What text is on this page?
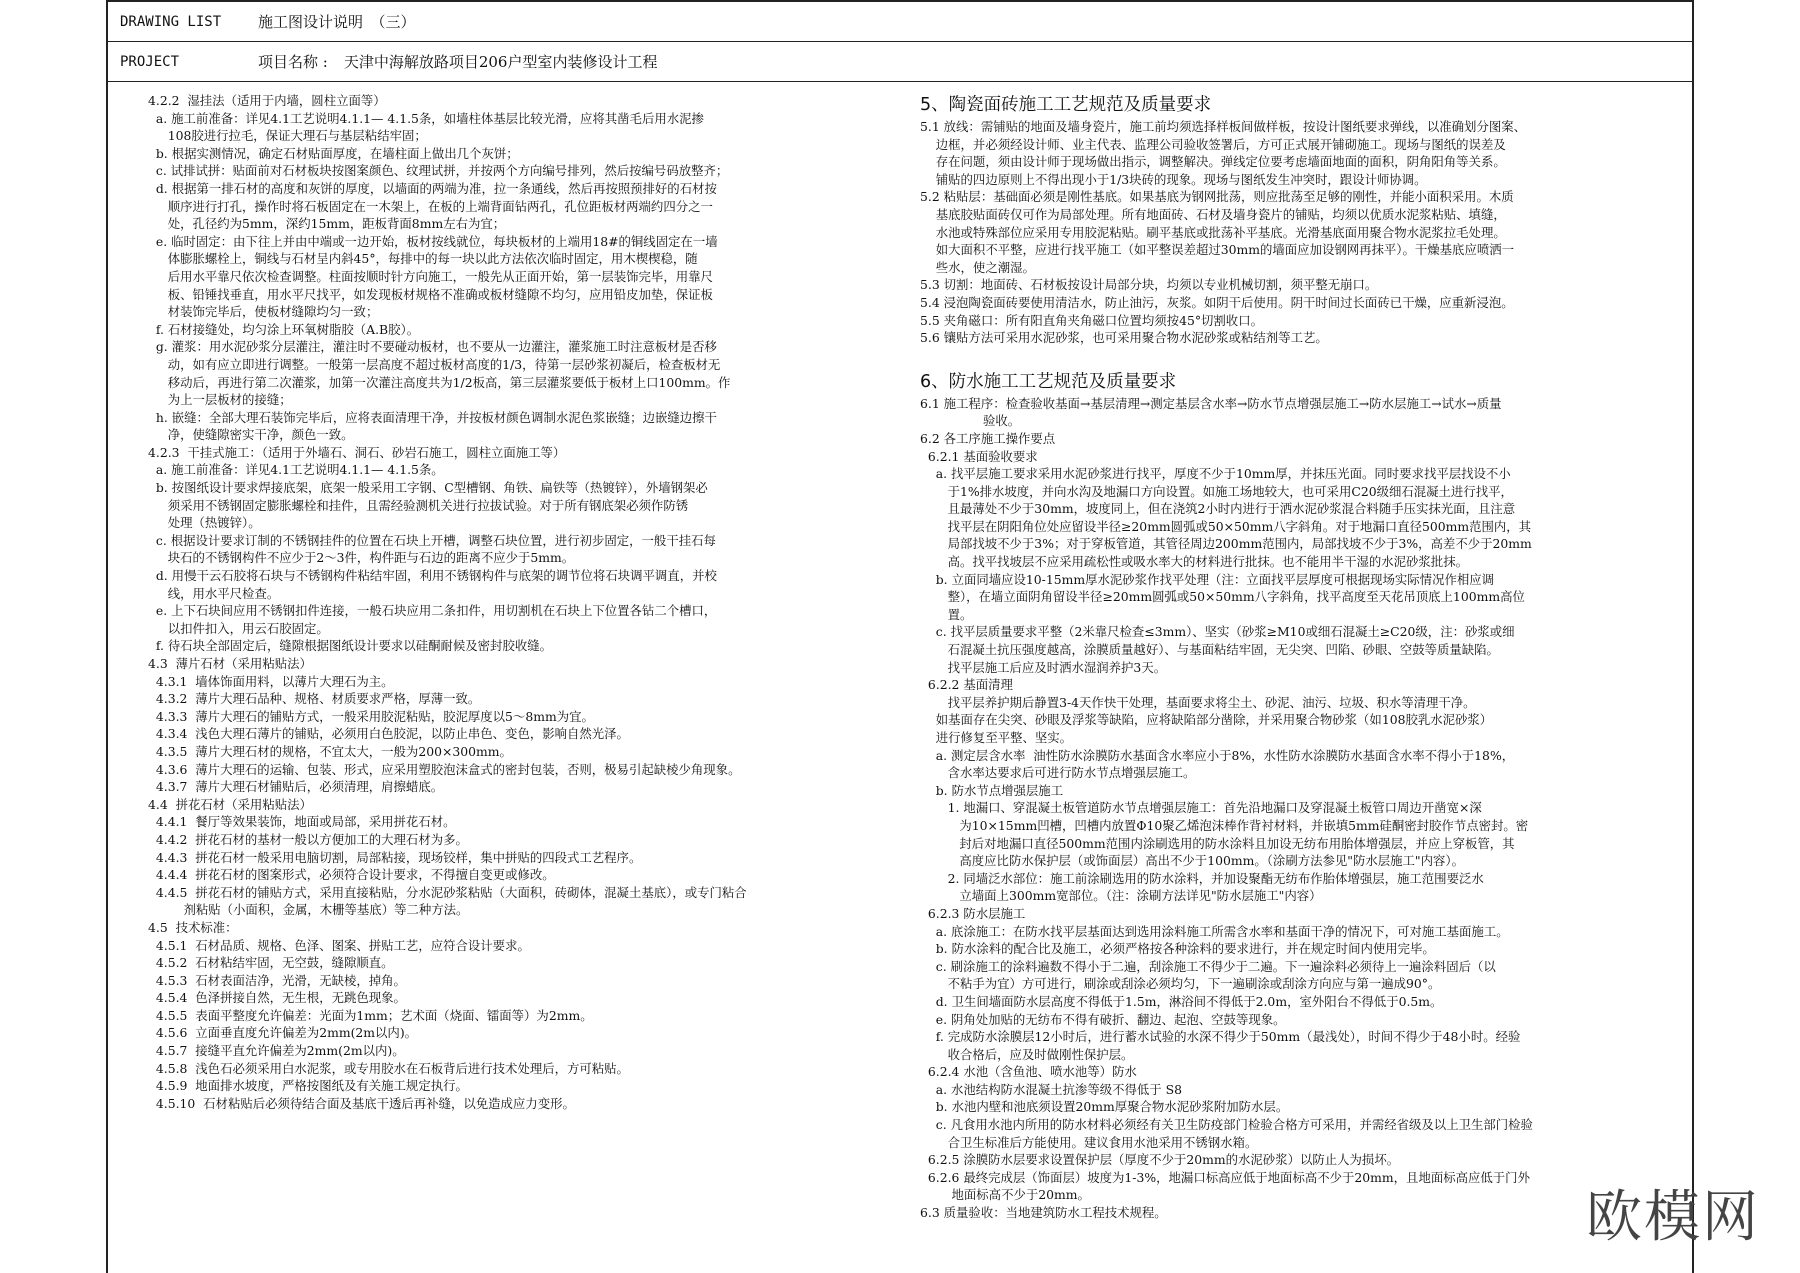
DRAWING LIST	施工图设计说明　（三）
PROJECT	项目名称 : 天津中海解放路项目206户型室内装修设计工程
4.2.2  湿挂法（适用于内墙，圆柱立面等）
a. 施工前准备：详见4.1工艺说明4.1.1— 4.1.5条，如墙柱体基层比较光滑，应将其凿毛后用水泥掺
108胶进行拉毛，保证大理石与基层粘结牢固；
b. 根据实测情况，确定石材贴面厚度，在墙柱面上做出几个灰饼；
c. 试排试拼：贴面前对石材板块按图案颜色、纹理试拼，并按两个方向编号排列，然后按编号码放整齐；
d. 根据第一排石材的高度和灰饼的厚度，以墙面的两端为准，拉一条通线，然后再按照预排好的石材按
顺序进行打孔，操作时将石板固定在一木架上，在板的上端背面钻两孔，孔位距板材两端约四分之一
处，孔径约为5mm，深约15mm，距板背面8mm左右为宜；
e. 临时固定：由下往上并由中端或一边开始，板材按线就位，每块板材的上端用18#的铜线固定在一墙
体膨胀螺栓上，铜线与石材呈内斜45°，每排中的每一块以此方法依次临时固定，用木楔楔稳，随
后用水平靠尺依次检查调整。柱面按顺时针方向施工，一般先从正面开始，第一层装饰完毕，用靠尺
板、铅锤找垂直，用水平尺找平，如发现板材规格不准确或板材缝隙不均匀，应用铅皮加垫，保证板
材装饰完毕后，使板材缝隙均匀一致；
f. 石材接缝处，均匀涂上环氧树脂胶（A.B胶）。
g. 灌浆：用水泥砂浆分层灌注，灌注时不要碰动板材，也不要从一边灌注，灌浆施工时注意板材是否移
动，如有应立即进行调整。一般第一层高度不超过板材高度的1/3，待第一层砂浆初凝后，检查板材无
移动后，再进行第二次灌浆，加第一次灌注高度共为1/2板高，第三层灌浆要低于板材上口100mm。作
为上一层板材的接缝；
h. 嵌缝：全部大理石装饰完毕后，应将表面清理干净，并按板材颜色调制水泥色浆嵌缝；边嵌缝边擦干
净，使缝隙密实干净，颜色一致。
4.2.3  干挂式施工：（适用于外墙石、洞石、砂岩石施工，圆柱立面施工等）
a. 施工前准备：详见4.1工艺说明4.1.1— 4.1.5条。
b. 按图纸设计要求焊接底架，底架一般采用工字钢、C型槽钢、角铁、扁铁等（热镀锌），外墙钢架必
须采用不锈钢固定膨胀螺栓和挂件，且需经验测机关进行拉拔试验。对于所有钢底架必须作防锈
处理（热镀锌）。
c. 根据设计要求订制的不锈钢挂件的位置在石块上开槽，调整石块位置，进行初步固定，一般干挂石每
块石的不锈钢构件不应少于2～3件，构件距与石边的距离不应少于5mm。
d. 用慢干云石胶将石块与不锈钢构件粘结牢固，利用不锈钢构件与底架的调节位将石块调平调直，并校
线，用水平尺检查。
e. 上下石块间应用不锈钢扣件连接，一般石块应用二条扣件，用切割机在石块上下位置各钻二个槽口，
以扣件扣入，用云石胶固定。
f. 待石块全部固定后，缝隙根据图纸设计要求以硅酮耐候及密封胶收缝。
4.3  薄片石材（采用粘贴法）
4.3.1  墙体饰面用料，以薄片大理石为主。
4.3.2  薄片大理石品种、规格、材质要求严格，厚薄一致。
4.3.3  薄片大理石的铺贴方式，一般采用胶泥粘贴，胶泥厚度以5～8mm为宜。
4.3.4  浅色大理石薄片的铺贴，必须用白色胶泥，以防止串色、变色，影响自然光泽。
4.3.5  薄片大理石材的规格，不宜太大，一般为200×300mm。
4.3.6  薄片大理石的运输、包装、形式，应采用塑胶泡沫盒式的密封包装，否则，极易引起缺棱少角现象。
4.3.7  薄片大理石材铺贴后，必须清理，肩擦蜡底。
4.4  拼花石材（采用粘贴法）
4.4.1  餐厅等效果装饰，地面或局部，采用拼花石材。
4.4.2  拼花石材的基材一般以方便加工的大理石材为多。
4.4.3  拼花石材一般采用电脑切割，局部粘接，现场铰样，集中拼贴的四段式工艺程序。
4.4.4  拼花石材的图案形式，必须符合设计要求，不得擅自变更或修改。
4.4.5  拼花石材的铺贴方式，采用直接粘贴，分水泥砂浆粘贴（大面积，砖砌体，混凝土基底），或专门粘合
剂粘贴（小面积，金属，木栅等基底）等二种方法。
4.5  技术标准：
4.5.1  石材品质、规格、色泽、图案、拼贴工艺，应符合设计要求。
4.5.2  石材粘结牢固，无空鼓，缝隙顺直。
4.5.3  石材表面洁净，光滑，无缺棱，掉角。
4.5.4  色泽拼接自然，无生根，无跳色现象。
4.5.5  表面平整度允许偏差：光面为1mm；艺术面（烧面、镭面等）为2mm。
4.5.6  立面垂直度允许偏差为2mm(2m以内)。
4.5.7  接缝平直允许偏差为2mm(2m以内)。
4.5.8  浅色石必须采用白水泥浆，或专用胶水在石板背后进行技术处理后，方可粘贴。
4.5.9  地面排水坡度，严格按图纸及有关施工规定执行。
4.5.10  石材粘贴后必须待结合面及基底干透后再补缝，以免造成应力变形。
5、陶瓷面砖施工工艺规范及质量要求
5.1 放线：需铺贴的地面及墙身瓷片，施工前均须选择样板间做样板，按设计图纸要求弹线，以准确划分图案、
边框，并必须经设计师、业主代表、监理公司验收签署后，方可正式展开铺砌施工。现场与图纸的误差及
存在问题，须由设计师于现场做出指示，调整解决。弹线定位要考虑墙面地面的面积，阴角阳角等关系。
铺贴的四边原则上不得出现小于1/3块砖的现象。现场与图纸发生冲突时，跟设计师协调。
5.2 粘贴层：基础面必须是刚性基底。如果基底为钢网批荡，则应批荡至足够的刚性，并能小面积采用。木质
基底胶贴面砖仅可作为局部处理。所有地面砖、石材及墙身瓷片的铺贴，均须以优质水泥浆粘贴、填缝，
水池或特殊部位应采用专用胶泥粘贴。刷平基底或批荡补平基底。光滑基底面用聚合物水泥浆拉毛处理。
如大面积不平整，应进行找平施工（如平整误差超过30mm的墙面应加设钢网再抹平）。干燥基底应喷洒一
些水，使之潮湿。
5.3 切割：地面砖、石材板按设计局部分块，均须以专业机械切割，须平整无崩口。
5.4 浸泡陶瓷面砖要使用清洁水，防止油污，灰浆。如阴干后使用。阴干时间过长面砖已干燥，应重新浸泡。
5.5 夹角磁口：所有阳直角夹角磁口位置均须按45°切割收口。
5.6 镶贴方法可采用水泥砂浆，也可采用聚合物水泥砂浆或粘结剂等工艺。
6、防水施工工艺规范及质量要求
6.1 施工程序：检查验收基面→基层清理→测定基层含水率→防水节点增强层施工→防水层施工→试水→质量
验收。
6.2 各工序施工操作要点
6.2.1 基面验收要求
a. 找平层施工要求采用水泥砂浆进行找平，厚度不少于10mm厚，并抹压光面。同时要求找平层找设不小
于1%排水坡度，并向水沟及地漏口方向设置。如施工场地较大，也可采用C20级细石混凝土进行找平，
且最薄处不少于30mm，坡度同上，但在浇筑2小时内进行于洒水泥砂浆混合料随手压实抹光面，且注意
找平层在阴阳角位处应留设半径≥20mm圆弧或50×50mm八字斜角。对于地漏口直径500mm范围内，其
局部找坡不少于3%；对于穿板管道，其管径周边200mm范围内，局部找坡不少于3%，高差不少于20mm
高。找平找坡层不应采用疏松性或吸水率大的材料进行批抹。也不能用半干湿的水泥砂浆批抹。
b. 立面同墙应设10-15mm厚水泥砂浆作找平处理（注：立面找平层厚度可根据现场实际情况作相应调
整），在墙立面阴角留设半径≥20mm圆弧或50×50mm八字斜角，找平高度至天花吊顶底上100mm高位
置。
c. 找平层质量要求平整（2米靠尺检查≤3mm）、坚实（砂浆≥M10或细石混凝土≥C20级，注：砂浆或细
石混凝土抗压强度越高，涂膜质量越好）、与基面粘结牢固，无尖突、凹陷、砂眼、空鼓等质量缺陷。
找平层施工后应及时洒水湿润养护3天。
6.2.2 基面清理
找平层养护期后静置3-4天作快干处理，基面要求将尘土、砂泥、油污、垃圾、积水等清理干净。
如基面存在尖突、砂眼及浮浆等缺陷，应将缺陷部分凿除，并采用聚合物砂浆（如108胶乳水泥砂浆）
进行修复至平整、坚实。
a. 测定层含水率  油性防水涂膜防水基面含水率应小于8%，水性防水涂膜防水基面含水率不得小于18%，
含水率达要求后可进行防水节点增强层施工。
b. 防水节点增强层施工
1. 地漏口、穿混凝土板管道防水节点增强层施工：首先沿地漏口及穿混凝土板管口周边开凿宽×深
为10×15mm凹槽，凹槽内放置Φ10聚乙烯泡沫棒作背衬材料，并嵌填5mm硅酮密封胶作节点密封。密
封后对地漏口直径500mm范围内涂刷选用的防水涂料且加设无纺布用胎体增强层，并应上穿板管，其
高度应比防水保护层（或饰面层）高出不少于100mm。（涂刷方法参见"防水层施工"内容）。
2. 同墙泛水部位：施工前涂刷选用的防水涂料，并加设聚酯无纺布作胎体增强层，施工范围要泛水
立墙面上300mm宽部位。（注：涂刷方法详见"防水层施工"内容）
6.2.3 防水层施工
a. 底涂施工：在防水找平层基面达到选用涂料施工所需含水率和基面干净的情况下，可对施工基面施工。
b. 防水涂料的配合比及施工，必须严格按各种涂料的要求进行，并在规定时间内使用完毕。
c. 刷涂施工的涂料遍数不得小于二遍，刮涂施工不得少于二遍。下一遍涂料必须待上一遍涂料固后（以
不粘手为宜）方可进行，刷涂或刮涂必须均匀，下一遍刷涂或刮涂方向应与第一遍成90°。
d. 卫生间墙面防水层高度不得低于1.5m，淋浴间不得低于2.0m，室外阳台不得低于0.5m。
e. 阴角处加贴的无纺布不得有破折、翻边、起泡、空鼓等现象。
f. 完成防水涂膜层12小时后，进行蓄水试验的水深不得少于50mm（最浅处），时间不得少于48小时。经验
收合格后，应及时做刚性保护层。
6.2.4 水池（含鱼池、喷水池等）防水
a. 水池结构防水混凝土抗渗等级不得低于 S8
b. 水池内壁和池底须设置20mm厚聚合物水泥砂浆附加防水层。
c. 凡食用水池内所用的防水材料必须经有关卫生防疫部门检验合格方可采用，并需经省级及以上卫生部门检验
合卫生标准后方能使用。建议食用水池采用不锈钢水箱。
6.2.5 涂膜防水层要求设置保护层（厚度不少于20mm的水泥砂浆）以防止人为损坏。
6.2.6 最终完成层（饰面层）坡度为1-3%，地漏口标高应低于地面标高不少于20mm，且地面标高应低于门外
地面标高不少于20mm。
6.3 质量验收：当地建筑防水工程技术规程。	欧模网
